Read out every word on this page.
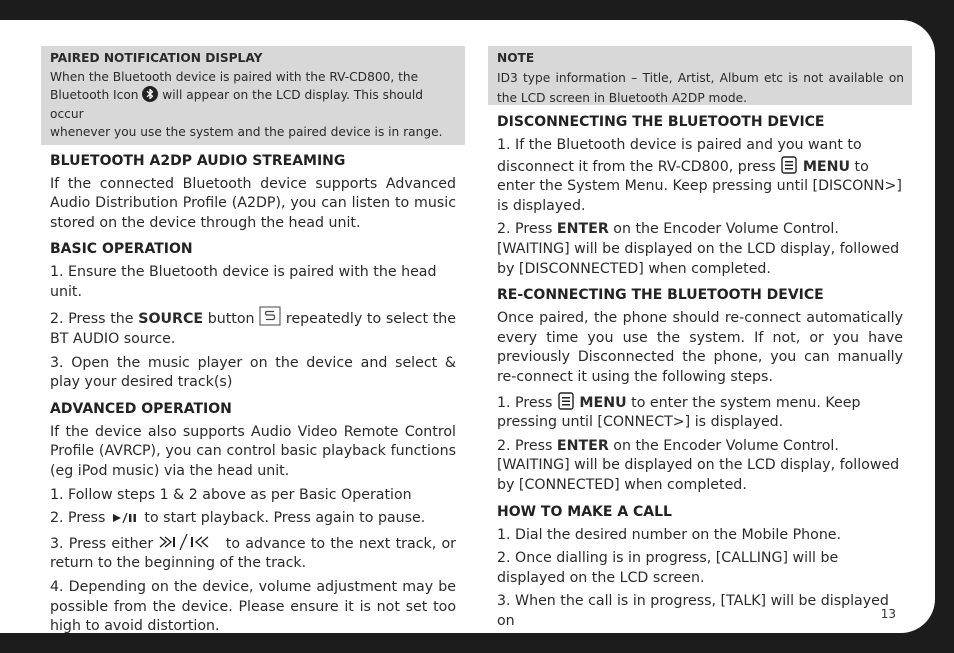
PAIRED NOTIFICATION DISPLAY
When the Bluetooth device is paired with the RV-CD800, the
Bluetooth Icon will appear on the LCD display. This should occur
whenever you use the system and the paired device is in range.
BLUETOOTH A2DP AUDIO STREAMING

If the connected Bluetooth device supports Advanced Audio Distribution Profile (A2DP), you can listen to music stored on the device through the head unit.

BASIC OPERATION

1. Ensure the Bluetooth device is paired with the head unit.

2. Press the SOURCE button repeatedly to select the BT AUDIO source.

3. Open the music player on the device and select & play your desired track(s)

ADVANCED OPERATION

If the device also supports Audio Video Remote Control Profile (AVRCP), you can control basic playback functions (eg iPod music) via the head unit.

1. Follow steps 1 & 2 above as per Basic Operation

2. Press	to start playback. Press again to pause.

3. Press either	to advance to the next track, or return to the beginning of the track.

4. Depending on the device, volume adjustment may be possible from the device. Please ensure it is not set too high to avoid distortion.

NOTE
ID3 type information – Title, Artist, Album etc is not available on the LCD screen in Bluetooth A2DP mode.
DISCONNECTING THE BLUETOOTH DEVICE

1. If the Bluetooth device is paired and you want to disconnect it from the RV-CD800, press MENU to enter the System Menu. Keep pressing until [DISCONN>] is displayed.

2. Press ENTER on the Encoder Volume Control. [WAITING] will be displayed on the LCD display, followed by [DISCONNECTED] when completed.

RE-CONNECTING THE BLUETOOTH DEVICE

Once paired, the phone should re-connect automatically every time you use the system. If not, or you have previously Disconnected the phone, you can manually re-connect it using the following steps.

1. Press MENU to enter the system menu. Keep pressing until [CONNECT>] is displayed.

2. Press ENTER on the Encoder Volume Control. [WAITING] will be displayed on the LCD display, followed by [CONNECTED] when completed.

HOW TO MAKE A CALL

1. Dial the desired number on the Mobile Phone.

2. Once dialling is in progress, [CALLING] will be displayed on the LCD screen.

3. When the call is in progress, [TALK] will be displayed on	13
